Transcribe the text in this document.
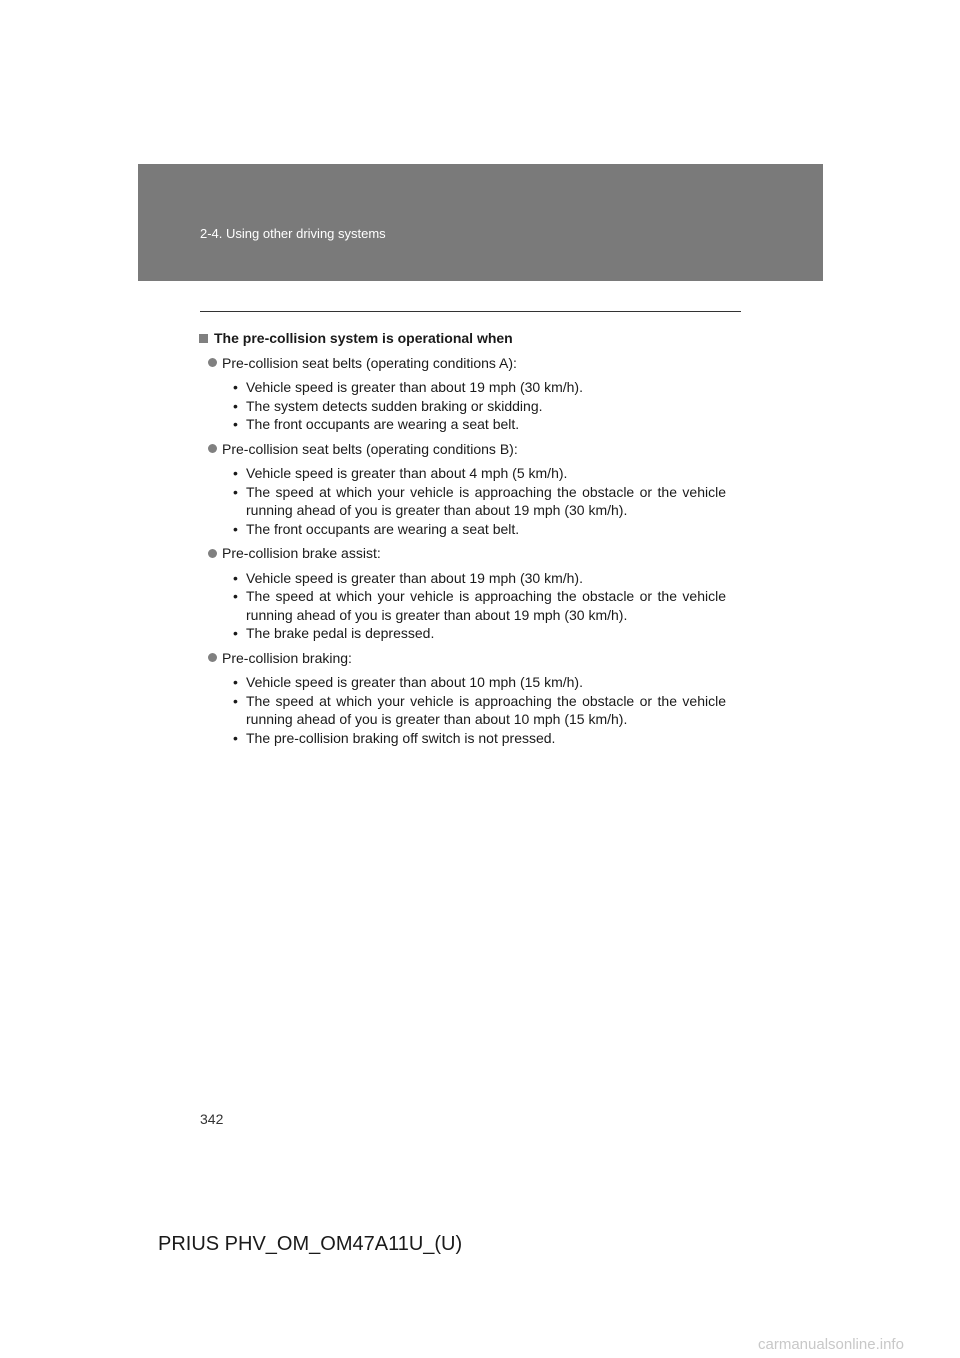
2-4. Using other driving systems
The pre-collision system is operational when
Pre-collision seat belts (operating conditions A):
• Vehicle speed is greater than about 19 mph (30 km/h).
• The system detects sudden braking or skidding.
• The front occupants are wearing a seat belt.
Pre-collision seat belts (operating conditions B):
• Vehicle speed is greater than about 4 mph (5 km/h).
• The speed at which your vehicle is approaching the obstacle or the vehicle running ahead of you is greater than about 19 mph (30 km/h).
• The front occupants are wearing a seat belt.
Pre-collision brake assist:
• Vehicle speed is greater than about 19 mph (30 km/h).
• The speed at which your vehicle is approaching the obstacle or the vehicle running ahead of you is greater than about 19 mph (30 km/h).
• The brake pedal is depressed.
Pre-collision braking:
• Vehicle speed is greater than about 10 mph (15 km/h).
• The speed at which your vehicle is approaching the obstacle or the vehicle running ahead of you is greater than about 10 mph (15 km/h).
• The pre-collision braking off switch is not pressed.
342
PRIUS PHV_OM_OM47A11U_(U)
carmanualsonline.info
